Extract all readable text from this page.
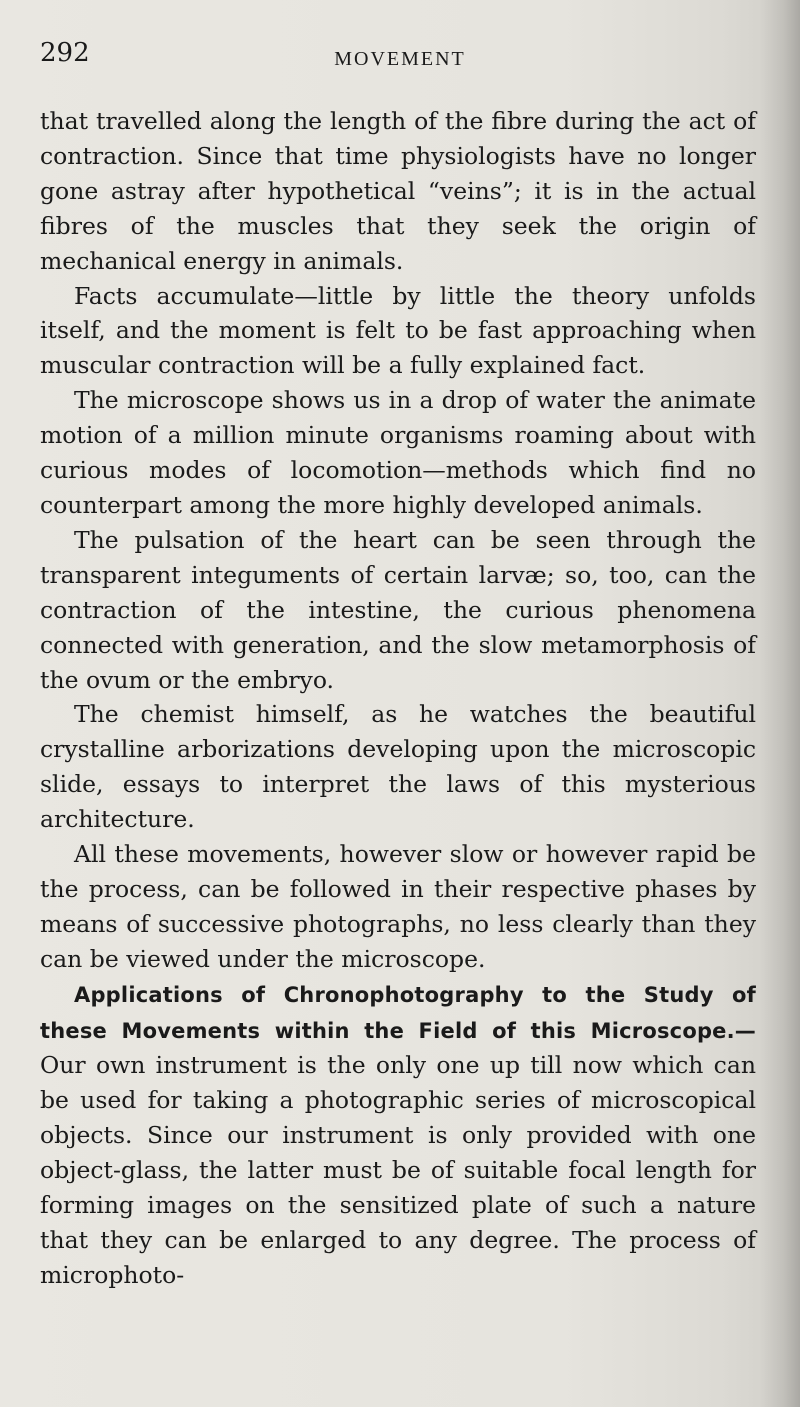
292	MOVEMENT

that travelled along the length of the fibre during the act of contraction. Since that time physiologists have no longer gone astray after hypothetical “veins”; it is in the actual fibres of the muscles that they seek the origin of mechanical energy in animals.

Facts accumulate—little by little the theory unfolds itself, and the moment is felt to be fast approaching when muscular contraction will be a fully explained fact.

The microscope shows us in a drop of water the animate motion of a million minute organisms roaming about with curious modes of locomotion—methods which find no counterpart among the more highly developed animals.

The pulsation of the heart can be seen through the transparent integuments of certain larvæ; so, too, can the contraction of the intestine, the curious phenomena connected with generation, and the slow metamorphosis of the ovum or the embryo.

The chemist himself, as he watches the beautiful crystalline arborizations developing upon the microscopic slide, essays to interpret the laws of this mysterious architecture.

All these movements, however slow or however rapid be the process, can be followed in their respective phases by means of successive photographs, no less clearly than they can be viewed under the microscope.

Applications of Chronophotography to the Study of these Movements within the Field of this Microscope.— Our own instrument is the only one up till now which can be used for taking a photographic series of microscopical objects. Since our instrument is only provided with one object-glass, the latter must be of suitable focal length for forming images on the sensitized plate of such a nature that they can be enlarged to any degree. The process of microphoto-
